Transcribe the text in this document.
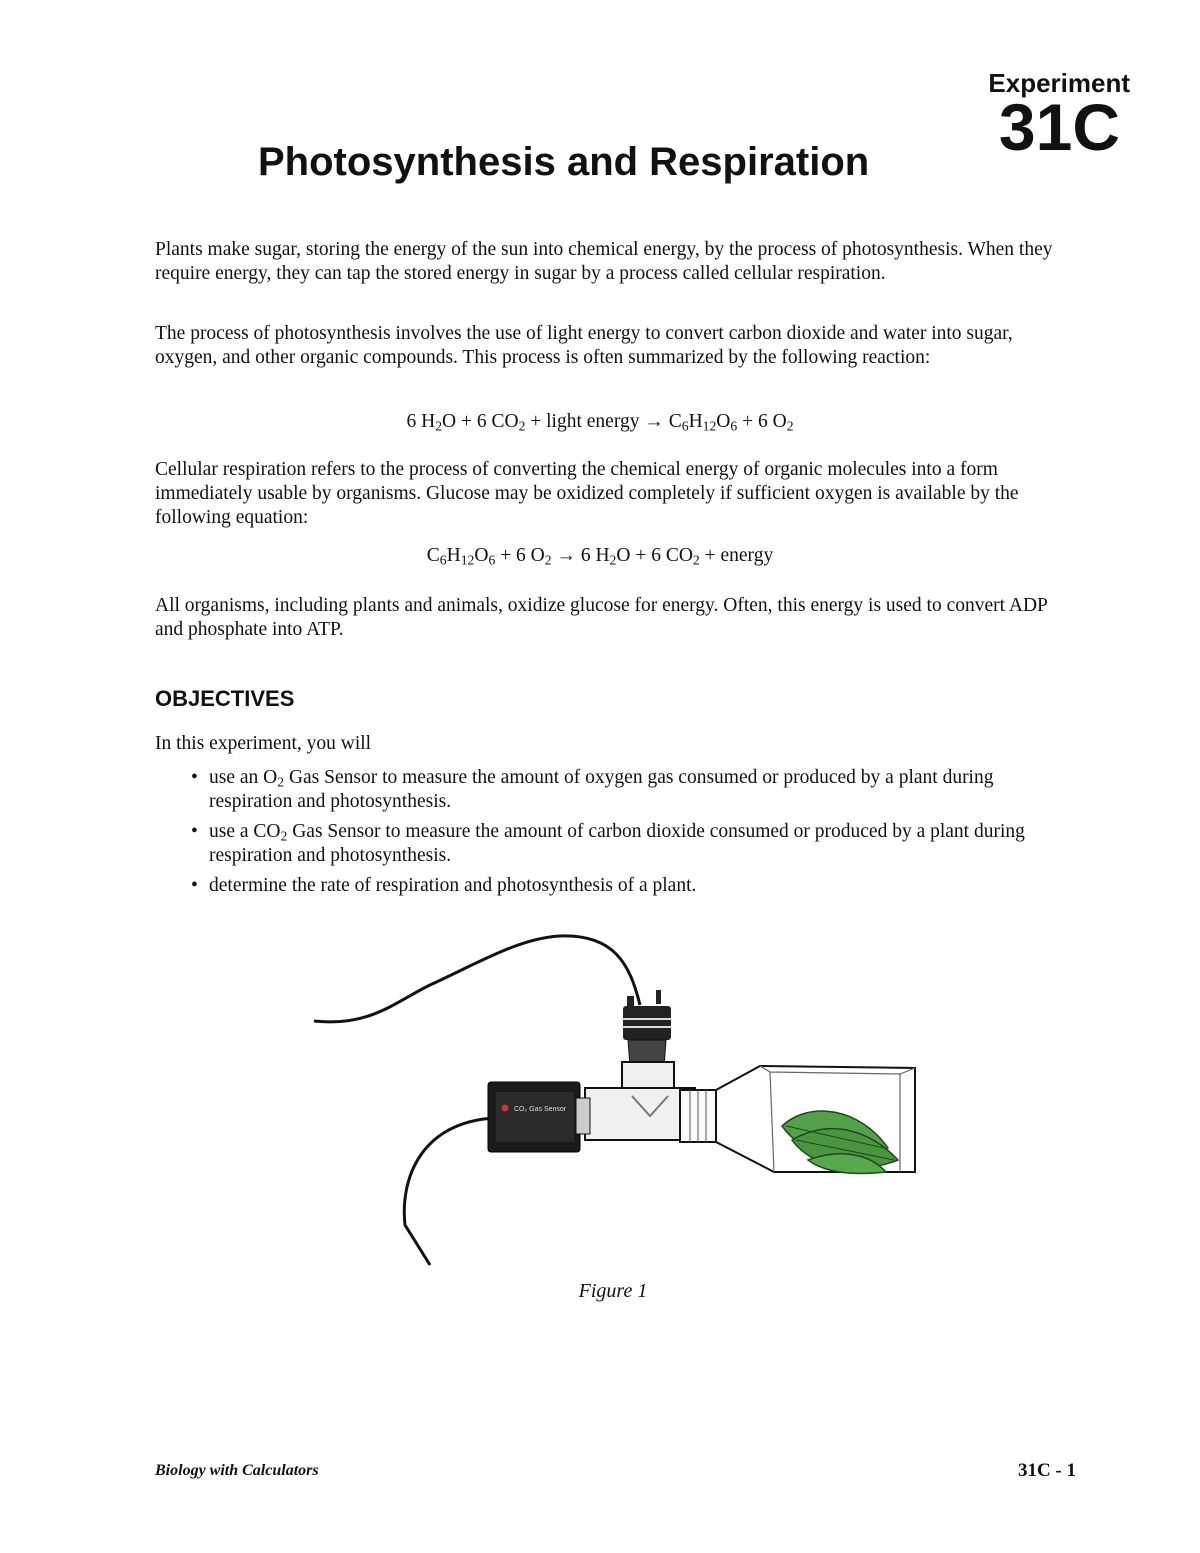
Experiment
31C
Photosynthesis and Respiration

Plants make sugar, storing the energy of the sun into chemical energy, by the process of photosynthesis. When they require energy, they can tap the stored energy in sugar by a process called cellular respiration.

The process of photosynthesis involves the use of light energy to convert carbon dioxide and water into sugar, oxygen, and other organic compounds. This process is often summarized by the following reaction:

6 $H_2O + 6$ $CO_2$ + light energy → $C_6H_{12}O_6 + 6$ $O_2$

Cellular respiration refers to the process of converting the chemical energy of organic molecules into a form immediately usable by organisms. Glucose may be oxidized completely if sufficient oxygen is available by the following equation:

$C_6H_{12}O_6 + 6$ $O_2 \to 6$ $H_2O + 6$ $CO_2$ + energy

All organisms, including plants and animals, oxidize glucose for energy. Often, this energy is used to convert ADP and phosphate into ATP.

OBJECTIVES
In this experiment, you will
• use an $O_2$ Gas Sensor to measure the amount of oxygen gas consumed or produced by a plant during respiration and photosynthesis.
• use a $CO_2$ Gas Sensor to measure the amount of carbon dioxide consumed or produced by a plant during respiration and photosynthesis.
• determine the rate of respiration and photosynthesis of a plant.
CO₂ Gas Sensor
Figure 1
Biology with Calculators	31C - 1
